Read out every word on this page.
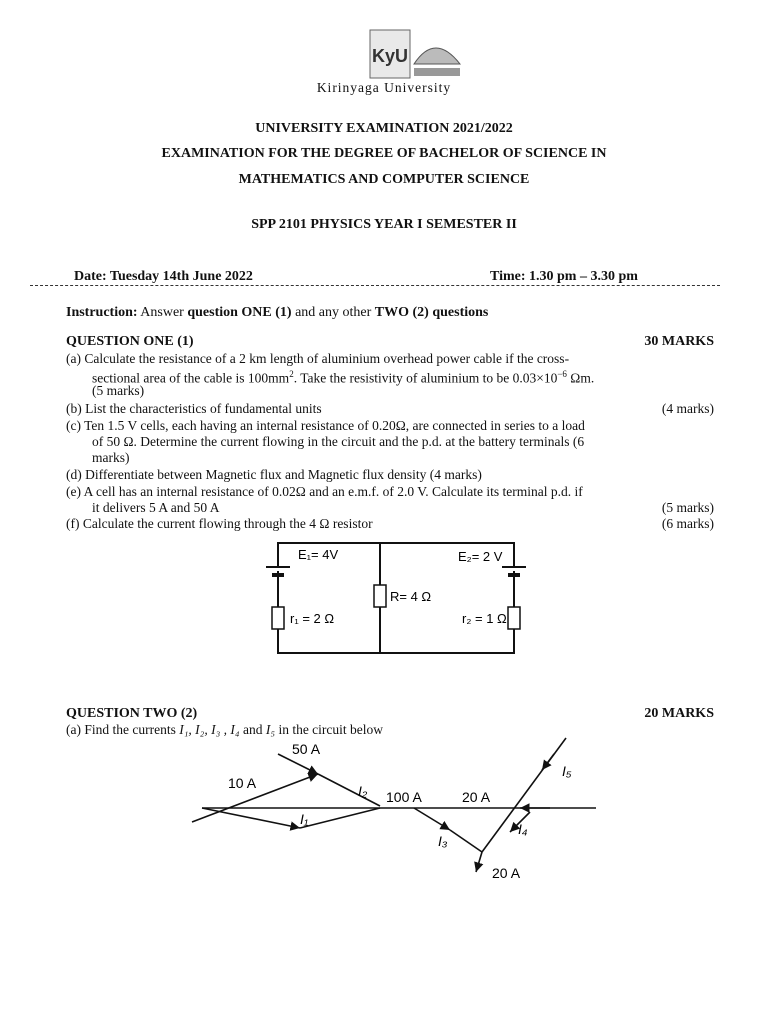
KyU
Kirinyaga University
UNIVERSITY EXAMINATION 2021/2022
EXAMINATION FOR THE DEGREE OF BACHELOR OF SCIENCE IN
MATHEMATICS AND COMPUTER SCIENCE
SPP 2101 PHYSICS YEAR I SEMESTER II
Date: Tuesday 14th June 2022	Time: 1.30 pm – 3.30 pm
Instruction: Answer question ONE (1) and any other TWO (2) questions
QUESTION ONE (1)	30 MARKS
(a) Calculate the resistance of a 2 km length of aluminium overhead power cable if the cross-
sectional area of the cable is $100mm^2$. Take the resistivity of aluminium to be $0.03\times 10^{-6}$ Ωm.
(5 marks)
(b) List the characteristics of fundamental units	(4 marks)
(c) Ten 1.5 V cells, each having an internal resistance of 0.20Ω, are connected in series to a load
of 50 Ω. Determine the current flowing in the circuit and the p.d. at the battery terminals (6
marks)
(d) Differentiate between Magnetic flux and Magnetic flux density (4 marks)
(e) A cell has an internal resistance of 0.02Ω and an e.m.f. of 2.0 V. Calculate its terminal p.d. if
it delivers 5 A and 50 A	(5 marks)
(f) Calculate the current flowing through the 4 Ω resistor	(6 marks)
E₁= 4V	E₂= 2 V
R= 4 Ω
r₁ = 2 Ω	r₂ = 1 Ω
QUESTION TWO (2)	20 MARKS
(a) Find the currents I₁, I₂, I₃ , I₄ and I₅ in the circuit below
50 A
10 A	I₂ 100 A	20 A
I₁
I₃
I₄
I₅
20 A
